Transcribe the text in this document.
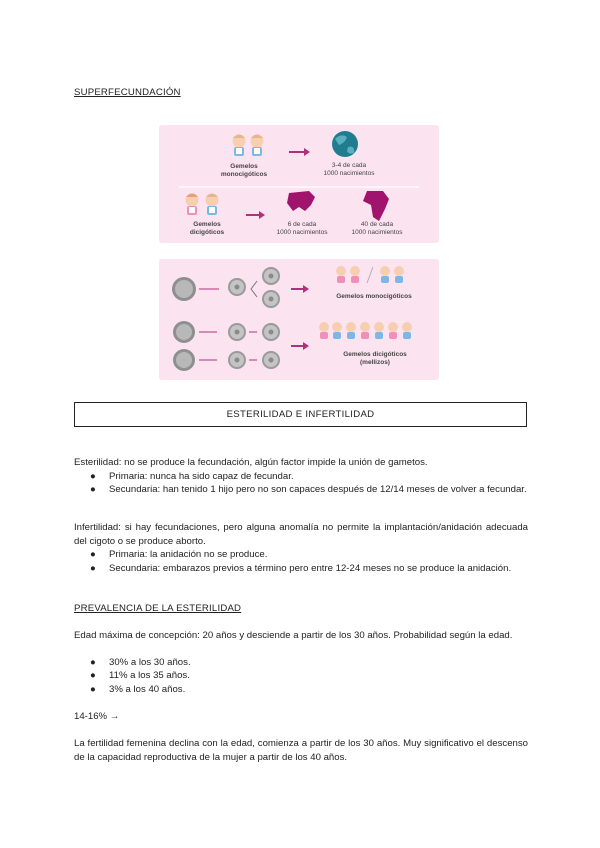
SUPERFECUNDACIÓN
Gemelos monocigóticos
3-4 de cada
1000 nacimientos
Gemelos dicigóticos
6 de cada
1000 nacimientos
40 de cada
1000 nacimientos
Gemelos monocigóticos
Gemelos dicigóticos
(mellizos)
ESTERILIDAD E INFERTILIDAD
Esterilidad: no se produce la fecundación, algún factor impide la unión de gametos.
● Primaria: nunca ha sido capaz de fecundar.
● Secundaria: han tenido 1 hijo pero no son capaces después de 12/14 meses de volver a fecundar.
Infertilidad: si hay fecundaciones, pero alguna anomalía no permite la implantación/anidación adecuada del cigoto o se produce aborto.
● Primaria: la anidación no se produce.
● Secundaria: embarazos previos a término pero entre 12-24 meses no se produce la anidación.
PREVALENCIA DE LA ESTERILIDAD
Edad máxima de concepción: 20 años y desciende a partir de los 30 años. Probabilidad según la edad.
● 30% a los 30 años.
● 11% a los 35 años.
● 3% a los 40 años.
14-16% →
La fertilidad femenina declina con la edad, comienza a partir de los 30 años. Muy significativo el descenso de la capacidad reproductiva de la mujer a partir de los 40 años.
